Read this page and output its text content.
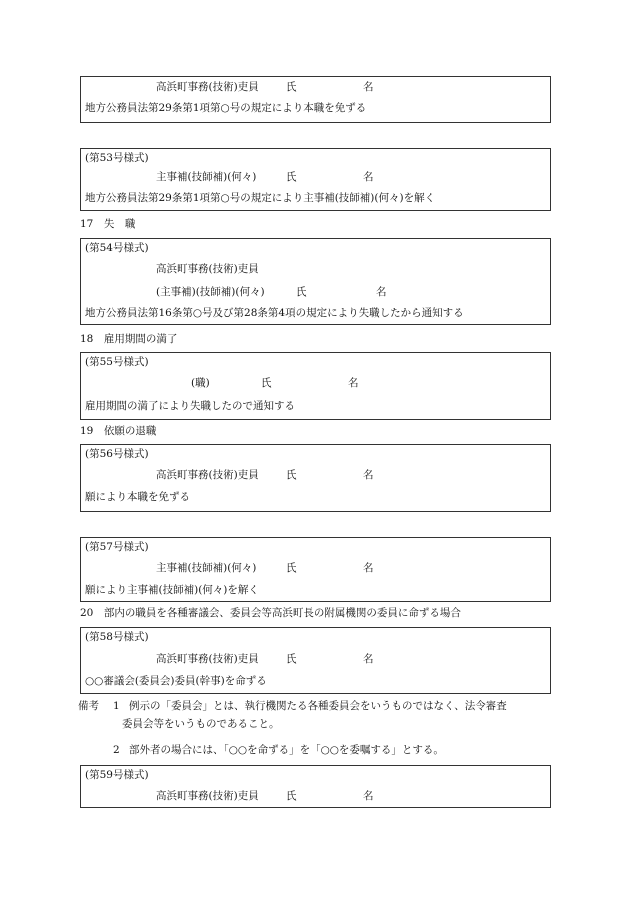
高浜町事務(技術)吏員	氏	名
地方公務員法第29条第1項第○号の規定により本職を免ずる
(第53号様式)
主事補(技師補)(何々)	氏	名
地方公務員法第29条第1項第○号の規定により主事補(技師補)(何々)を解く
17　失　職
(第54号様式)
高浜町事務(技術)吏員
(主事補)(技師補)(何々)	氏	名
地方公務員法第16条第○号及び第28条第4項の規定により失職したから通知する
18　雇用期間の満了
(第55号様式)
(職)	氏	名
雇用期間の満了により失職したので通知する
19　依願の退職
(第56号様式)
高浜町事務(技術)吏員	氏	名
願により本職を免ずる
(第57号様式)
主事補(技師補)(何々)	氏	名
願により主事補(技師補)(何々)を解く
20　部内の職員を各種審議会、委員会等高浜町長の附属機関の委員に命ずる場合
(第58号様式)
高浜町事務(技術)吏員	氏	名
○○審議会(委員会)委員(幹事)を命ずる
備考 1 例示の「委員会」とは、執行機関たる各種委員会をいうものではなく、法令審査
委員会等をいうものであること。
2 部外者の場合には、「○○を命ずる」を「○○を委嘱する」とする。
(第59号様式)
高浜町事務(技術)吏員	氏	名
